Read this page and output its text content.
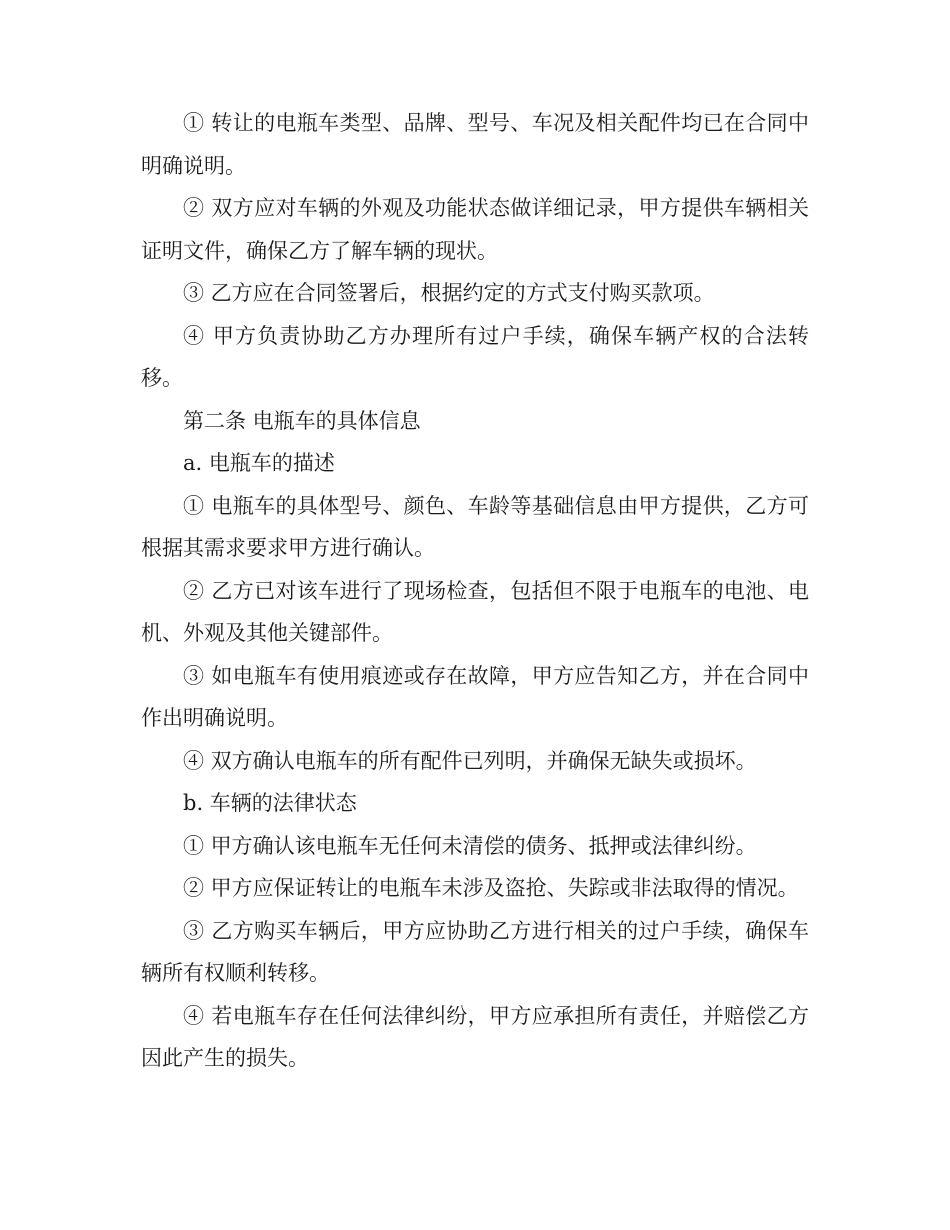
① 转让的电瓶车类型、品牌、型号、车况及相关配件均已在合同中明确说明。

② 双方应对车辆的外观及功能状态做详细记录，甲方提供车辆相关证明文件，确保乙方了解车辆的现状。

③ 乙方应在合同签署后，根据约定的方式支付购买款项。

④ 甲方负责协助乙方办理所有过户手续，确保车辆产权的合法转移。

第二条 电瓶车的具体信息

a. 电瓶车的描述

① 电瓶车的具体型号、颜色、车龄等基础信息由甲方提供，乙方可根据其需求要求甲方进行确认。

② 乙方已对该车进行了现场检查，包括但不限于电瓶车的电池、电机、外观及其他关键部件。

③ 如电瓶车有使用痕迹或存在故障，甲方应告知乙方，并在合同中作出明确说明。

④ 双方确认电瓶车的所有配件已列明，并确保无缺失或损坏。

b. 车辆的法律状态

① 甲方确认该电瓶车无任何未清偿的债务、抵押或法律纠纷。

② 甲方应保证转让的电瓶车未涉及盗抢、失踪或非法取得的情况。

③ 乙方购买车辆后，甲方应协助乙方进行相关的过户手续，确保车辆所有权顺利转移。

④ 若电瓶车存在任何法律纠纷，甲方应承担所有责任，并赔偿乙方因此产生的损失。
